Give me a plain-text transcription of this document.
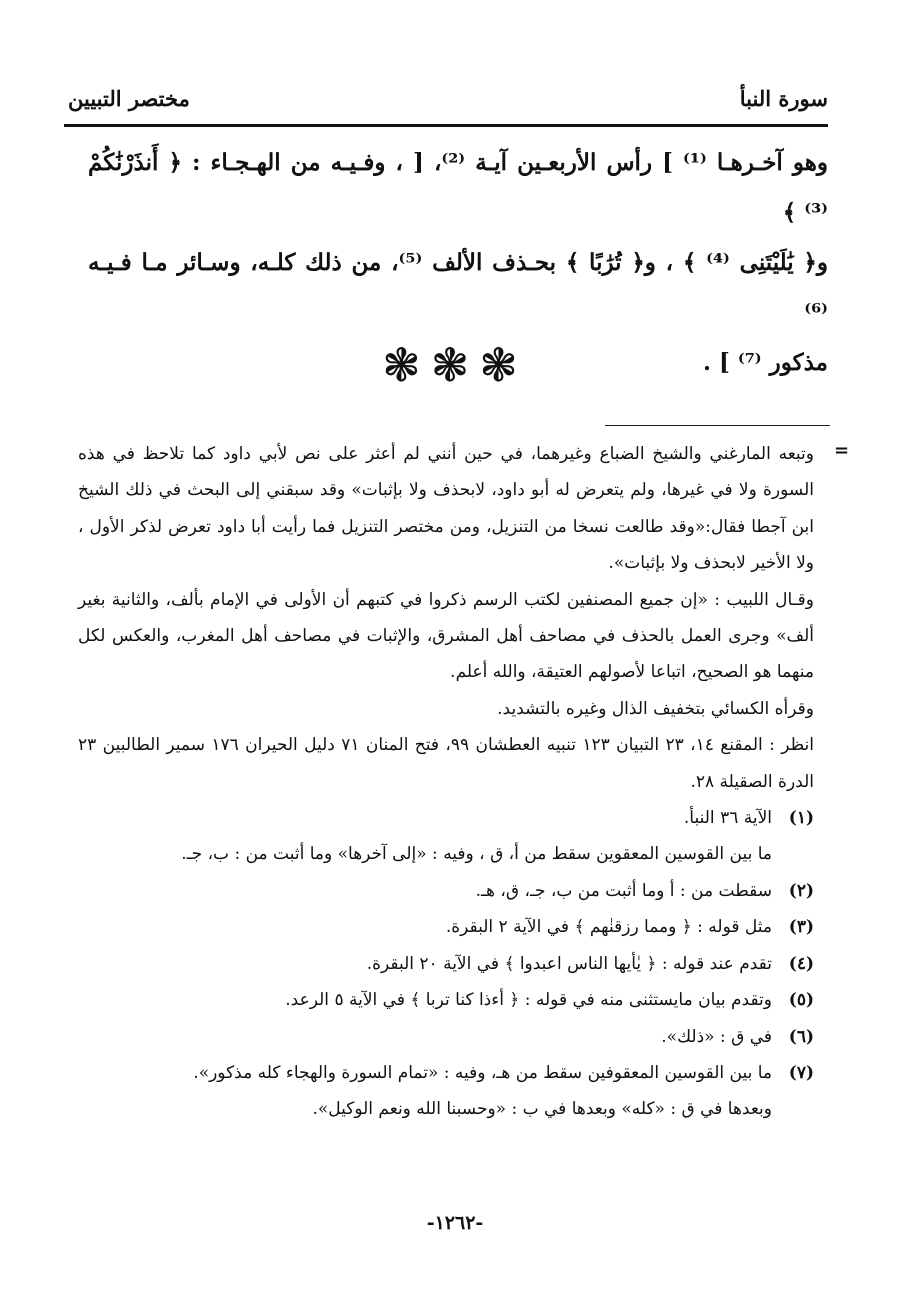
سورة النبأ
مختصر التبيين

وهو آخـرهـا ⁽¹⁾ ] رأس الأربعـين آيـة ⁽²⁾، [ ، وفـيـه من الهـجـاء : ﴿ أَنذَرْنَٰكُمْ ⁽³⁾ ﴾

و﴿ يَٰلَيْتَنِى ⁽⁴⁾ ﴾ ، و﴿ تُرَٰبًا ﴾ بحـذف الألف ⁽⁵⁾، من ذلك كلـه، وسـائر مـا فـيـه ⁽⁶⁾

مذكور ⁽⁷⁾ ] .

❃❃❃
=

وتبعه المارغني والشيخ الضباع وغيرهما، في حين أنني لم أعثر على نص لأبي داود كما تلاحظ في هذه السورة ولا في غيرها، ولم يتعرض له أبو داود، لابحذف ولا بإثبات» وقد سبقني إلى البحث في ذلك الشيخ ابن آجطا فقال:«وقد طالعت نسخا من التنزيل، ومن مختصر التنزيل فما رأيت أبا داود تعرض لذكر الأول ، ولا الأخير لابحذف ولا بإثبات».

وقـال اللبيب : «إن جميع المصنفين لكتب الرسم ذكروا في كتبهم أن الأولى في الإمام بألف، والثانية بغير ألف» وجرى العمل بالحذف في مصاحف أهل المشرق، والإثبات في مصاحف أهل المغرب، والعكس لكل منهما هو الصحيح، اتباعا لأصولهم العتيقة، والله أعلم.

وقرأه الكسائي بتخفيف الذال وغيره بالتشديد.

انظر : المقنع ١٤، ٢٣ التبيان ١٢٣ تنبيه العطشان ٩٩، فتح المنان ٧١ دليل الحيران ١٧٦ سمير الطالبين ٢٣ الدرة الصقيلة ٢٨.

(١)
الآية ٣٦ النبأ.
ما بين القوسين المعقوين سقط من أ، ق ، وفيه : «إلى آخرها» وما أثبت من : ب، جـ.
(٢)
سقطت من : أ وما أثبت من ب، جـ، ق، هـ.
(٣)
مثل قوله : ﴿ ومما رزقنٰهم ﴾ في الآية ٢ البقرة.
(٤)
تقدم عند قوله : ﴿ يٰأيها الناس اعبدوا ﴾ في الآية ٢٠ البقرة.
(٥)
وتقدم بيان مايستثنى منه في قوله : ﴿ أءذا كنا تربا ﴾ في الآية ٥ الرعد.
(٦)
في ق : «ذلك».
(٧)
ما بين القوسين المعقوفين سقط من هـ، وفيه : «تمام السورة والهجاء كله مذكور».
وبعدها في ق : «كله» وبعدها في ب : «وحسبنا الله ونعم الوكيل».
-١٢٦٢-
